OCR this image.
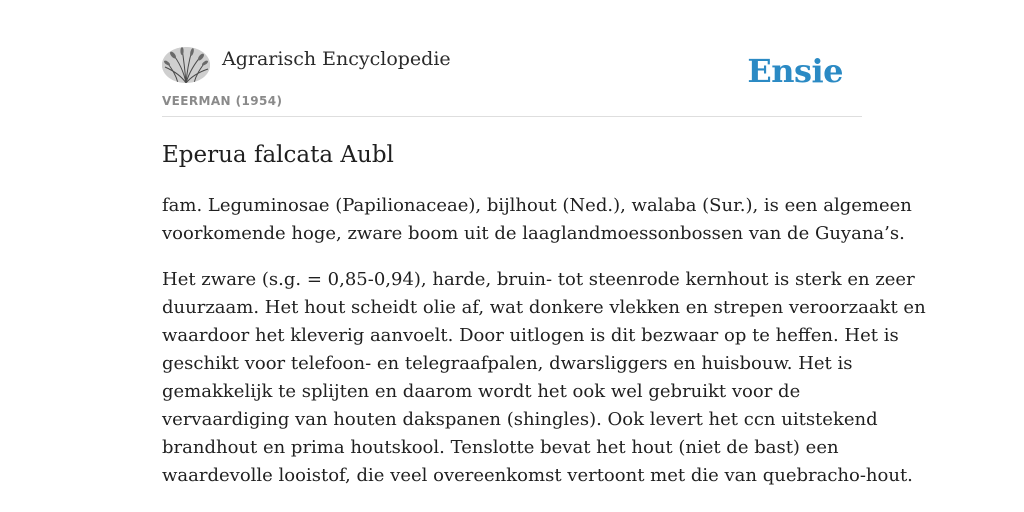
Agrarisch Encyclopedie
VEERMAN (1954)
Ensie
Eperua falcata Aubl

fam. Leguminosae (Papilionaceae), bijlhout (Ned.), walaba (Sur.), is een algemeen
voorkomende hoge, zware boom uit de laaglandmoessonbossen van de Guyana’s.

Het zware (s.g. = 0,85-0,94), harde, bruin- tot steenrode kernhout is sterk en zeer
duurzaam. Het hout scheidt olie af, wat donkere vlekken en strepen veroorzaakt en
waardoor het kleverig aanvoelt. Door uitlogen is dit bezwaar op te heffen. Het is
geschikt voor telefoon- en telegraafpalen, dwarsliggers en huisbouw. Het is
gemakkelijk te splijten en daarom wordt het ook wel gebruikt voor de
vervaardiging van houten dakspanen (shingles). Ook levert het ccn uitstekend
brandhout en prima houtskool. Tenslotte bevat het hout (niet de bast) een
waardevolle looistof, die veel overeenkomst vertoont met die van quebracho-hout.
